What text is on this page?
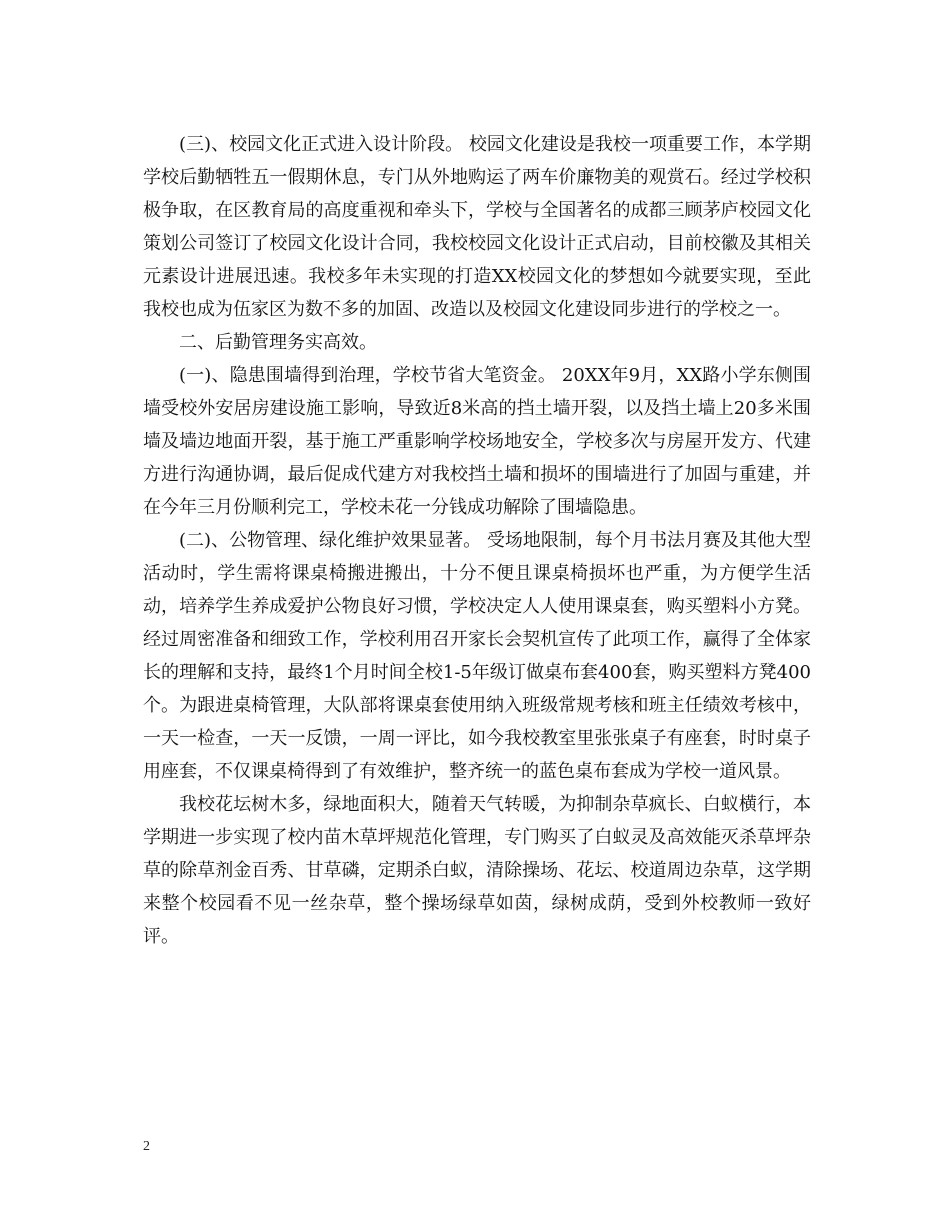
(三)、校园文化正式进入设计阶段。 校园文化建设是我校一项重要工作，本学期学校后勤牺牲五一假期休息，专门从外地购运了两车价廉物美的观赏石。经过学校积极争取，在区教育局的高度重视和牵头下，学校与全国著名的成都三顾茅庐校园文化策划公司签订了校园文化设计合同，我校校园文化设计正式启动，目前校徽及其相关元素设计进展迅速。我校多年未实现的打造XX校园文化的梦想如今就要实现，至此我校也成为伍家区为数不多的加固、改造以及校园文化建设同步进行的学校之一。

二、后勤管理务实高效。

(一)、隐患围墙得到治理，学校节省大笔资金。 20XX年9月，XX路小学东侧围墙受校外安居房建设施工影响，导致近8米高的挡土墙开裂，以及挡土墙上20多米围墙及墙边地面开裂，基于施工严重影响学校场地安全，学校多次与房屋开发方、代建方进行沟通协调，最后促成代建方对我校挡土墙和损坏的围墙进行了加固与重建，并在今年三月份顺利完工，学校未花一分钱成功解除了围墙隐患。

(二)、公物管理、绿化维护效果显著。 受场地限制，每个月书法月赛及其他大型活动时，学生需将课桌椅搬进搬出，十分不便且课桌椅损坏也严重，为方便学生活动，培养学生养成爱护公物良好习惯，学校决定人人使用课桌套，购买塑料小方凳。经过周密准备和细致工作，学校利用召开家长会契机宣传了此项工作，赢得了全体家长的理解和支持，最终1个月时间全校1-5年级订做桌布套400套，购买塑料方凳400个。为跟进桌椅管理，大队部将课桌套使用纳入班级常规考核和班主任绩效考核中，一天一检查，一天一反馈，一周一评比，如今我校教室里张张桌子有座套，时时桌子用座套，不仅课桌椅得到了有效维护，整齐统一的蓝色桌布套成为学校一道风景。

我校花坛树木多，绿地面积大，随着天气转暖，为抑制杂草疯长、白蚁横行，本学期进一步实现了校内苗木草坪规范化管理，专门购买了白蚁灵及高效能灭杀草坪杂草的除草剂金百秀、甘草磷，定期杀白蚁，清除操场、花坛、校道周边杂草，这学期来整个校园看不见一丝杂草，整个操场绿草如茵，绿树成荫，受到外校教师一致好评。

2
